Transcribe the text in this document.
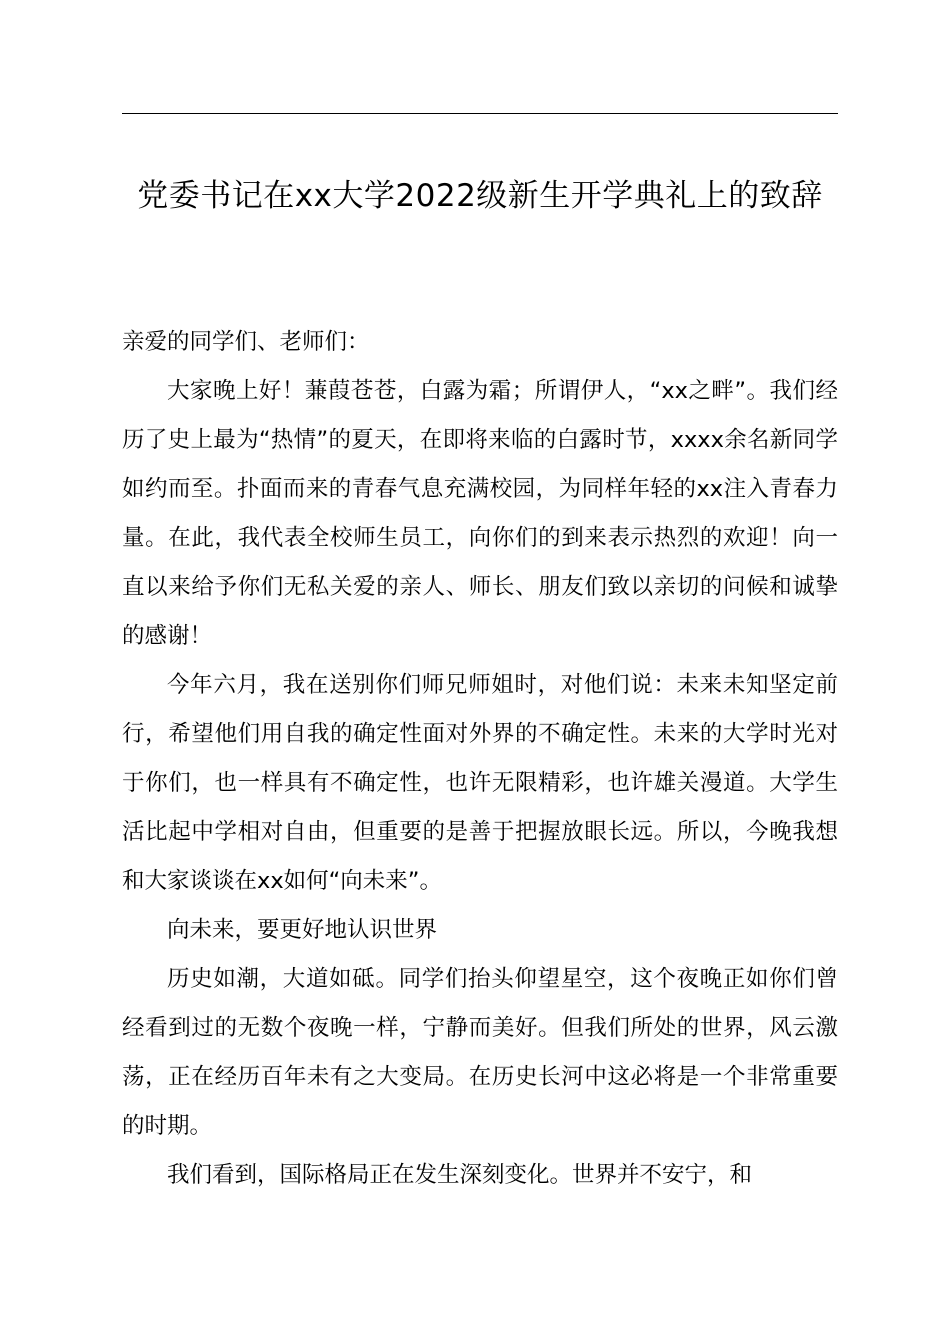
党委书记在xx大学2022级新生开学典礼上的致辞

亲爱的同学们、老师们：

大家晚上好！蒹葭苍苍，白露为霜；所谓伊人，“xx之畔”。我们经历了史上最为“热情”的夏天，在即将来临的白露时节，xxxx余名新同学如约而至。扑面而来的青春气息充满校园，为同样年轻的xx注入青春力量。在此，我代表全校师生员工，向你们的到来表示热烈的欢迎！向一直以来给予你们无私关爱的亲人、师长、朋友们致以亲切的问候和诚挚的感谢！

今年六月，我在送别你们师兄师姐时，对他们说：未来未知坚定前行，希望他们用自我的确定性面对外界的不确定性。未来的大学时光对于你们，也一样具有不确定性，也许无限精彩，也许雄关漫道。大学生活比起中学相对自由，但重要的是善于把握放眼长远。所以，今晚我想和大家谈谈在xx如何“向未来”。

向未来，要更好地认识世界

历史如潮，大道如砥。同学们抬头仰望星空，这个夜晚正如你们曾经看到过的无数个夜晚一样，宁静而美好。但我们所处的世界，风云激荡，正在经历百年未有之大变局。在历史长河中这必将是一个非常重要的时期。

我们看到，国际格局正在发生深刻变化。世界并不安宁，和
